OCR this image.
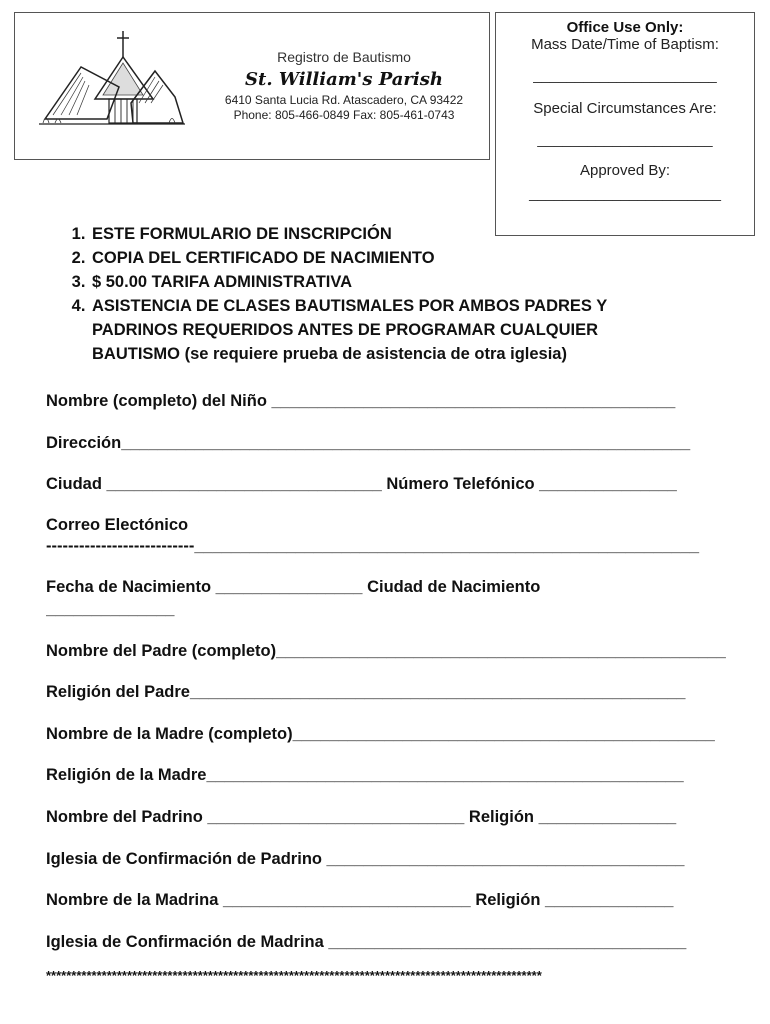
Registro de Bautismo
St. William's Parish
6410 Santa Lucia Rd. Atascadero, CA 93422
Phone: 805-466-0849 Fax: 805-461-0743
Office Use Only:
Mass Date/Time of Baptism:
______________________
Special Circumstances Are:
_____________________
Approved By:
_______________________
1. ESTE FORMULARIO DE INSCRIPCIÓN
2. COPIA DEL CERTIFICADO DE NACIMIENTO
3. $ 50.00 TARIFA ADMINISTRATIVA
4. ASISTENCIA DE CLASES BAUTISMALES POR AMBOS PADRES Y PADRINOS REQUERIDOS ANTES DE PROGRAMAR CUALQUIER BAUTISMO (se requiere prueba de asistencia de otra iglesia)
Nombre (completo) del Niño ____________________________________________
Dirección______________________________________________________________
Ciudad ______________________________ Número Telefónico _______________
Correo Electónico
---------------------------_______________________________________________________
Fecha de Nacimiento ________________ Ciudad de Nacimiento
______________
Nombre del Padre (completo)_________________________________________________
Religión del Padre______________________________________________________
Nombre de la Madre (completo)______________________________________________
Religión de la Madre____________________________________________________
Nombre del Padrino ____________________________ Religión _______________
Iglesia de Confirmación de Padrino _______________________________________
Nombre de la Madrina ___________________________ Religión ______________
Iglesia de Confirmación de Madrina _______________________________________
**************************************************************************************************
